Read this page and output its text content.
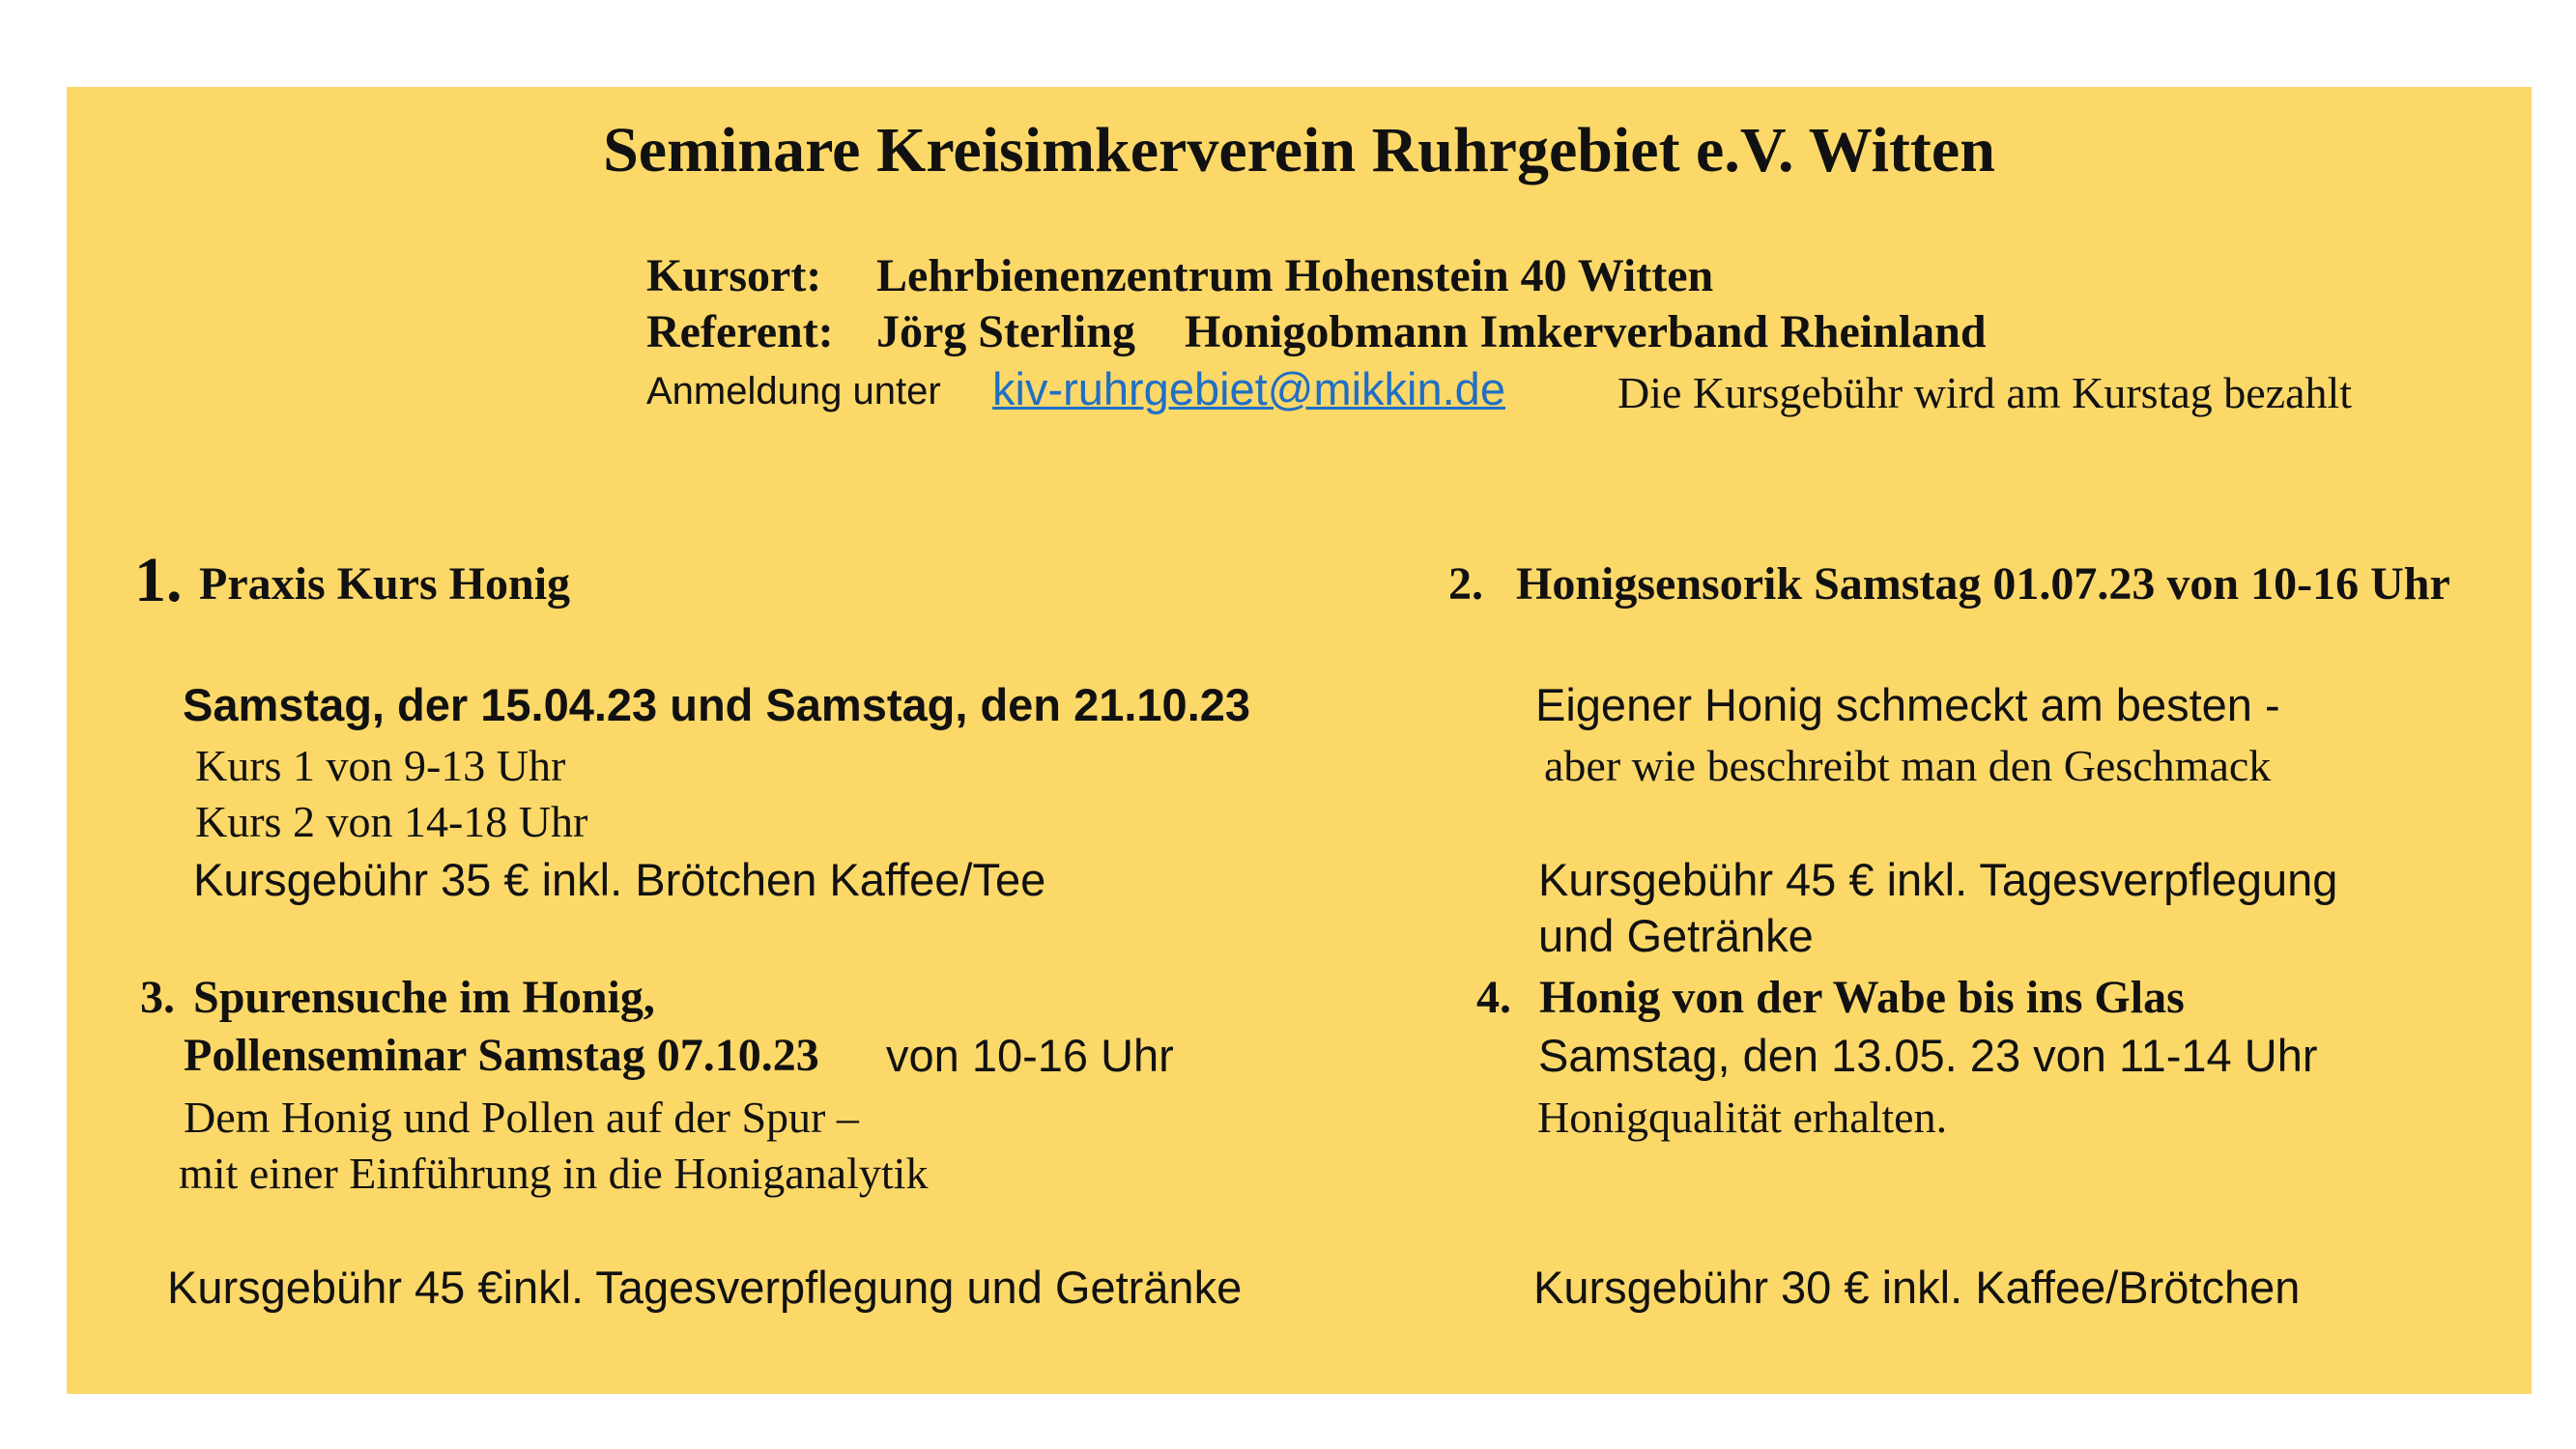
Seminare Kreisimkerverein Ruhrgebiet e.V. Witten
Kursort: Lehrbienenzentrum Hohenstein 40 Witten
Referent: Jörg Sterling Honigobmann Imkerverband Rheinland
Anmeldung unter kiv-ruhrgebiet@mikkin.de	Die Kursgebühr wird am Kurstag bezahlt
1. Praxis Kurs Honig
Samstag, der 15.04.23 und Samstag, den 21.10.23
Kurs 1 von 9-13 Uhr
Kurs 2 von 14-18 Uhr
Kursgebühr 35 € inkl. Brötchen Kaffee/Tee
2. Honigsensorik Samstag 01.07.23 von 10-16 Uhr
Eigener Honig schmeckt am besten -
aber wie beschreibt man den Geschmack
Kursgebühr 45 € inkl. Tagesverpflegung
und Getränke
3. Spurensuche im Honig,
Pollenseminar Samstag 07.10.23 von 10-16 Uhr
Dem Honig und Pollen auf der Spur –
mit einer Einführung in die Honiganalytik
Kursgebühr 45 €inkl. Tagesverpflegung und Getränke
4. Honig von der Wabe bis ins Glas
Samstag, den 13.05. 23 von 11-14 Uhr
Honigqualität erhalten.
Kursgebühr 30 € inkl. Kaffee/Brötchen
